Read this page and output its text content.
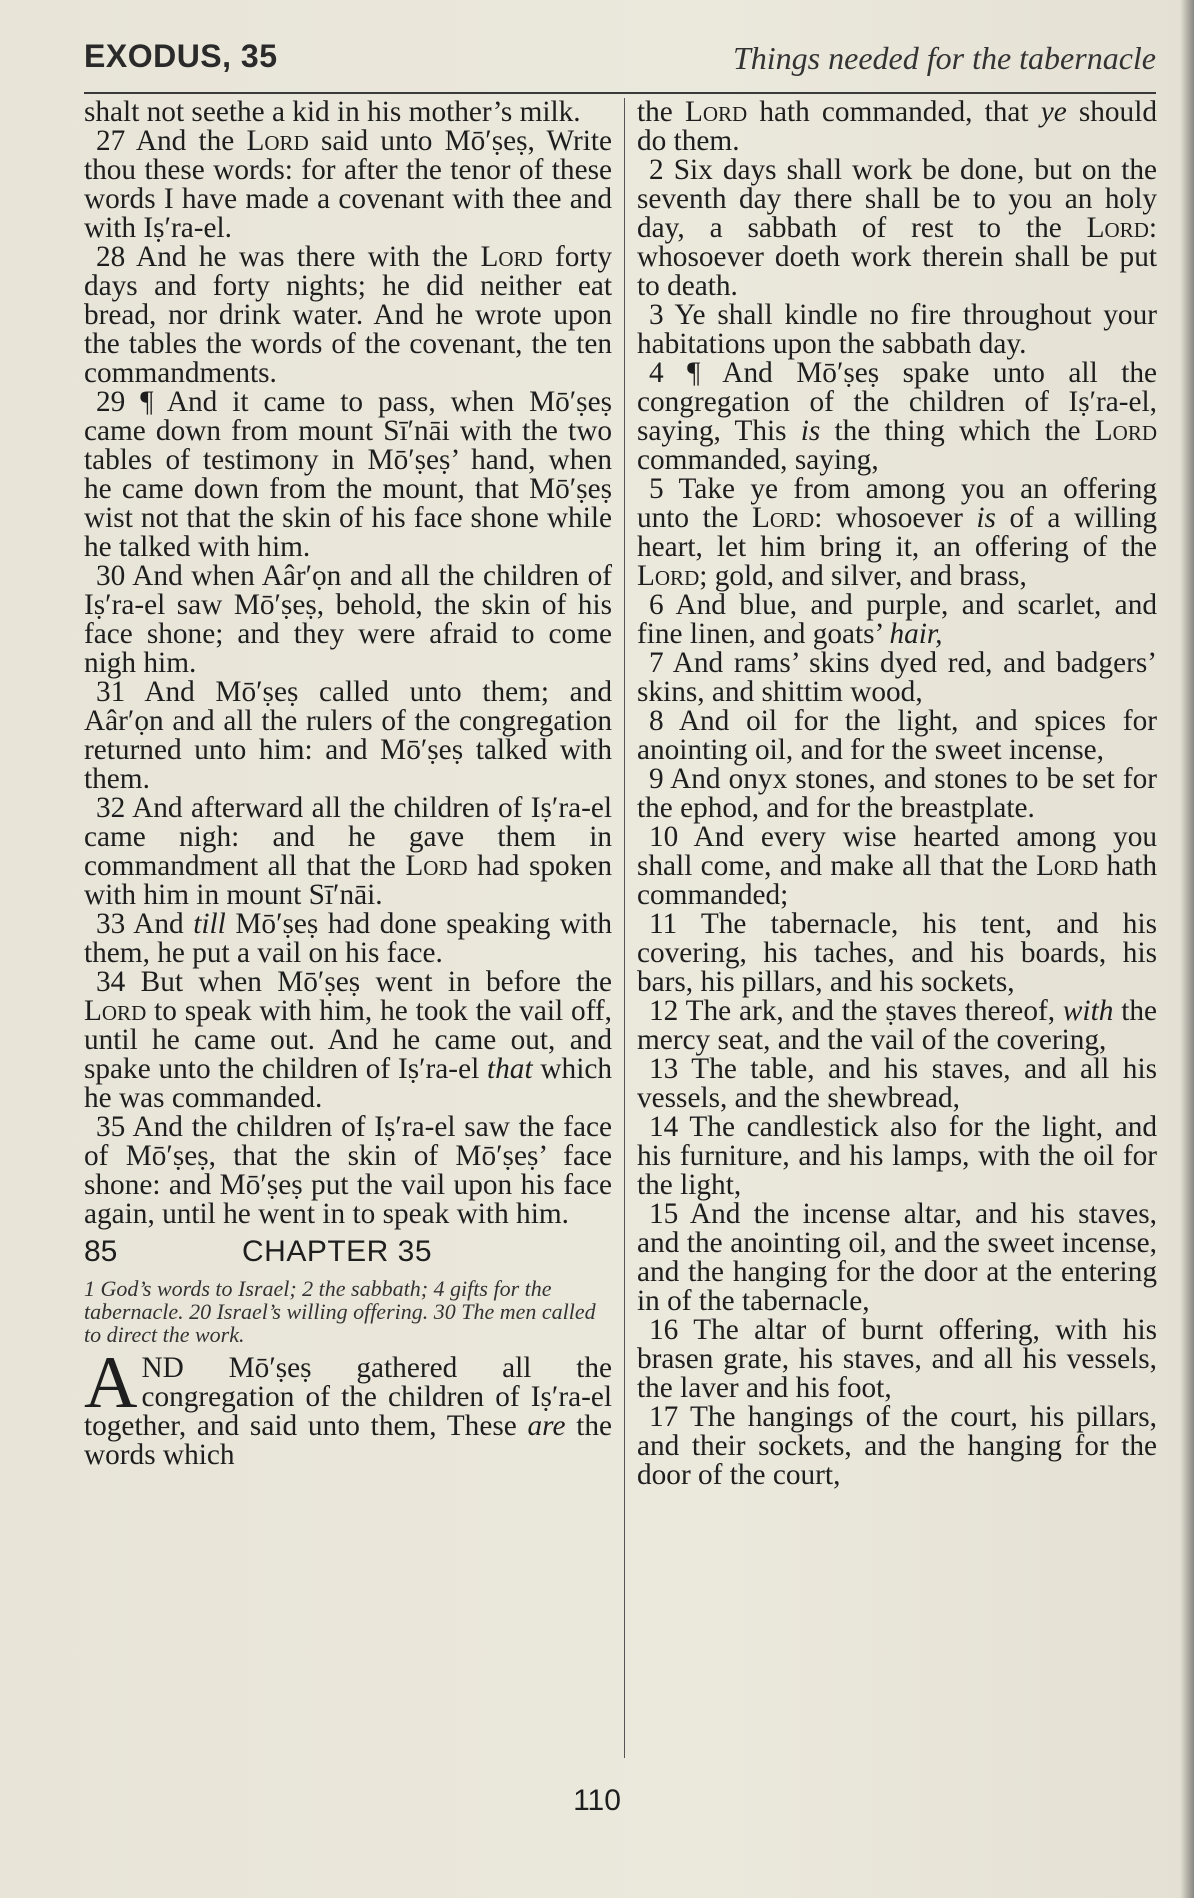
EXODUS, 35	Things needed for the tabernacle

shalt not seethe a kid in his mother’s milk.

27 And the Lord said unto Mō′ṣeṣ, Write thou these words: for after the tenor of these words I have made a covenant with thee and with Iṣ′ra-el.

28 And he was there with the Lord forty days and forty nights; he did neither eat bread, nor drink water. And he wrote upon the tables the words of the covenant, the ten commandments.

29 ¶ And it came to pass, when Mō′ṣeṣ came down from mount Sī′nāi with the two tables of testimony in Mō′ṣeṣ’ hand, when he came down from the mount, that Mō′ṣeṣ wist not that the skin of his face shone while he talked with him.

30 And when Aâr′ọn and all the children of Iṣ′ra-el saw Mō′ṣeṣ, behold, the skin of his face shone; and they were afraid to come nigh him.

31 And Mō′ṣeṣ called unto them; and Aâr′ọn and all the rulers of the congregation returned unto him: and Mō′ṣeṣ talked with them.

32 And afterward all the children of Iṣ′ra-el came nigh: and he gave them in commandment all that the Lord had spoken with him in mount Sī′nāi.

33 And till Mō′ṣeṣ had done speaking with them, he put a vail on his face.

34 But when Mō′ṣeṣ went in before the Lord to speak with him, he took the vail off, until he came out. And he came out, and spake unto the children of Iṣ′ra-el that which he was commanded.

35 And the children of Iṣ′ra-el saw the face of Mō′ṣeṣ, that the skin of Mō′ṣeṣ’ face shone: and Mō′ṣeṣ put the vail upon his face again, until he went in to speak with him.

85	CHAPTER 35
1 God’s words to Israel; 2 the sabbath; 4 gifts for the tabernacle. 20 Israel’s willing offering. 30 The men called to direct the work.

AND Mō′ṣeṣ gathered all the congregation of the children of Iṣ′ra-el together, and said unto them, These are the words which

the Lord hath commanded, that ye should do them.

2 Six days shall work be done, but on the seventh day there shall be to you an holy day, a sabbath of rest to the Lord: whosoever doeth work therein shall be put to death.

3 Ye shall kindle no fire throughout your habitations upon the sabbath day.

4 ¶ And Mō′ṣeṣ spake unto all the congregation of the children of Iṣ′ra-el, saying, This is the thing which the Lord commanded, saying,

5 Take ye from among you an offering unto the Lord: whosoever is of a willing heart, let him bring it, an offering of the Lord; gold, and silver, and brass,

6 And blue, and purple, and scarlet, and fine linen, and goats’ hair,

7 And rams’ skins dyed red, and badgers’ skins, and shittim wood,

8 And oil for the light, and spices for anointing oil, and for the sweet incense,

9 And onyx stones, and stones to be set for the ephod, and for the breastplate.

10 And every wise hearted among you shall come, and make all that the Lord hath commanded;

11 The tabernacle, his tent, and his covering, his taches, and his boards, his bars, his pillars, and his sockets,

12 The ark, and the ṣtaves thereof, with the mercy seat, and the vail of the covering,

13 The table, and his staves, and all his vessels, and the shewbread,

14 The candlestick also for the light, and his furniture, and his lamps, with the oil for the light,

15 And the incense altar, and his staves, and the anointing oil, and the sweet incense, and the hanging for the door at the entering in of the tabernacle,

16 The altar of burnt offering, with his brasen grate, his staves, and all his vessels, the laver and his foot,

17 The hangings of the court, his pillars, and their sockets, and the hanging for the door of the court,

110
